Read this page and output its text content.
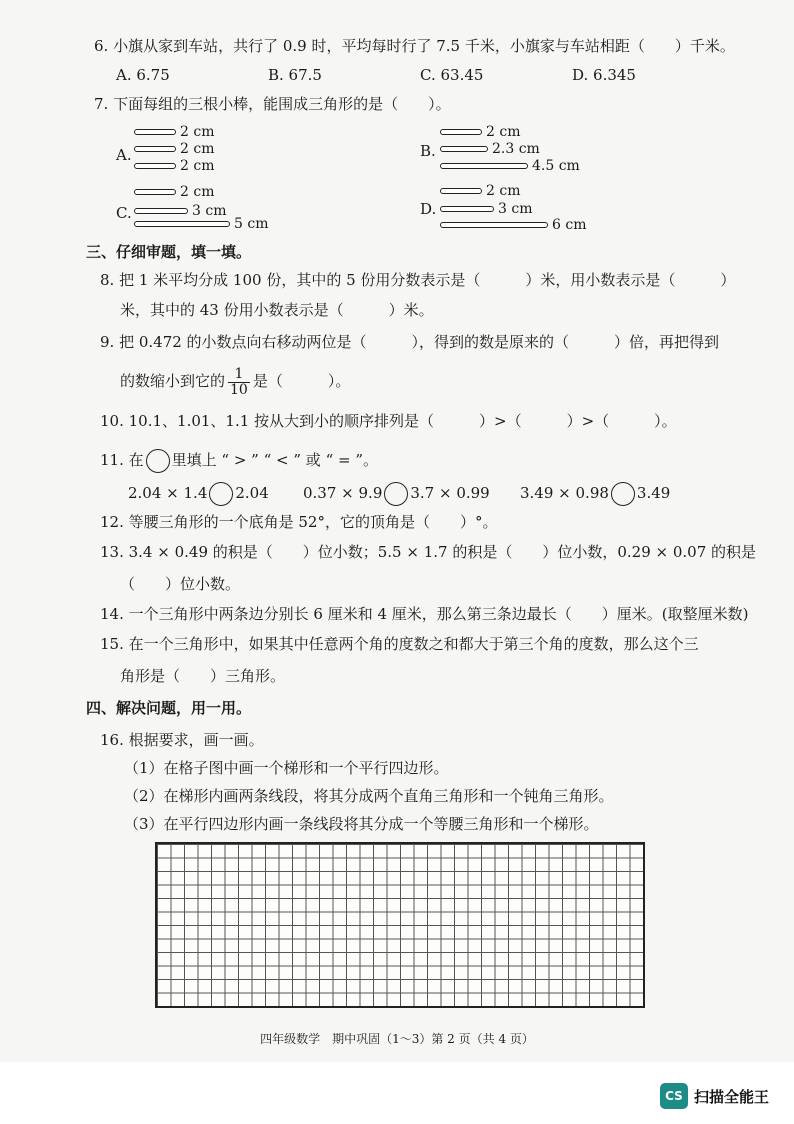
6. 小旗从家到车站，共行了 0.9 时，平均每时行了 7.5 千米，小旗家与车站相距（　　）千米。
A. 6.75	B. 67.5	C. 63.45	D. 6.345
7. 下面每组的三根小棒，能围成三角形的是（　　）。
A.
2 cm
2 cm
2 cm
B.
2 cm
2.3 cm
4.5 cm
C.
2 cm
3 cm
5 cm
D.
2 cm
3 cm
6 cm
三、仔细审题，填一填。
8. 把 1 米平均分成 100 份，其中的 5 份用分数表示是（　　　）米，用小数表示是（　　　）
米，其中的 43 份用小数表示是（　　　）米。
9. 把 0.472 的小数点向右移动两位是（　　　），得到的数是原来的（　　　）倍，再把得到
的数缩小到它的 $\frac{1}{10}$ 是（　　　）。
10. 10.1、1.01、1.1 按从大到小的顺序排列是（　　　）>（　　　）>（　　　）。
11. 在 里填上 “ > ” “ < ” 或 “ = ”。
2.04 × 1.4 2.04 0.37 × 9.9 3.7 × 0.99 3.49 × 0.98 3.49
12. 等腰三角形的一个底角是 52°，它的顶角是（　　）°。
13. 3.4 × 0.49 的积是（　　）位小数；5.5 × 1.7 的积是（　　）位小数，0.29 × 0.07 的积是
（　　）位小数。
14. 一个三角形中两条边分别长 6 厘米和 4 厘米，那么第三条边最长（　　）厘米。(取整厘米数)
15. 在一个三角形中，如果其中任意两个角的度数之和都大于第三个角的度数，那么这个三
角形是（　　）三角形。
四、解决问题，用一用。
16. 根据要求，画一画。
（1）在格子图中画一个梯形和一个平行四边形。
（2）在梯形内画两条线段，将其分成两个直角三角形和一个钝角三角形。
（3）在平行四边形内画一条线段将其分成一个等腰三角形和一个梯形。
四年级数学　期中巩固（1～3）第 2 页（共 4 页）
CS 扫描全能王
